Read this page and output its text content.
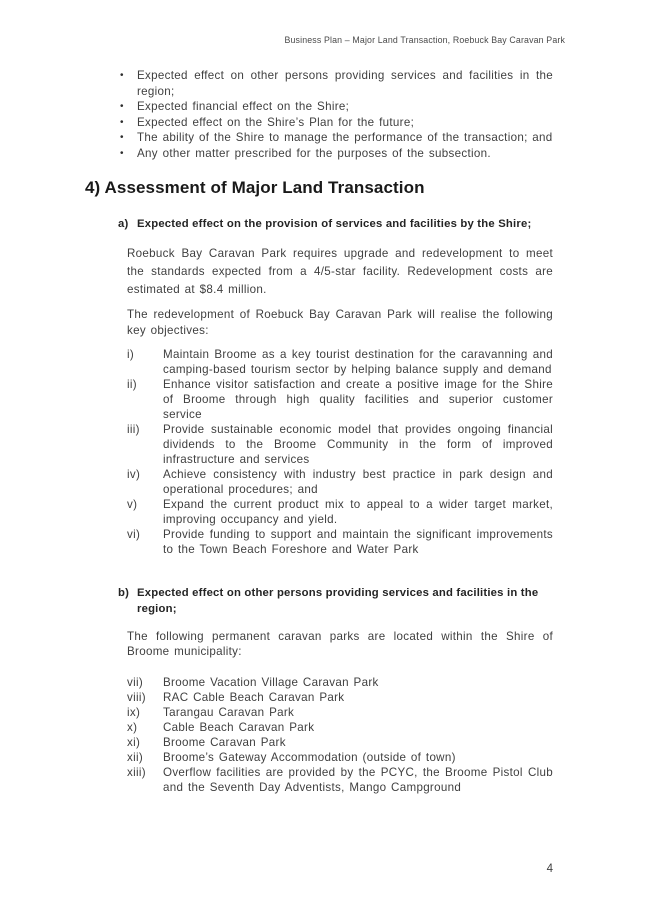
Business Plan – Major Land Transaction, Roebuck Bay Caravan Park
•	Expected effect on other persons providing services and facilities in the region;
•	Expected financial effect on the Shire;
•	Expected effect on the Shire’s Plan for the future;
•	The ability of the Shire to manage the performance of the transaction; and
•	Any other matter prescribed for the purposes of the subsection.
4) Assessment of Major Land Transaction
a) Expected effect on the provision of services and facilities by the Shire;

Roebuck Bay Caravan Park requires upgrade and redevelopment to meet the standards expected from a 4/5-star facility. Redevelopment costs are estimated at $8.4 million.

The redevelopment of Roebuck Bay Caravan Park will realise the following key objectives:

i)	Maintain Broome as a key tourist destination for the caravanning and camping-based tourism sector by helping balance supply and demand
ii)	Enhance visitor satisfaction and create a positive image for the Shire of Broome through high quality facilities and superior customer service
iii)	Provide sustainable economic model that provides ongoing financial dividends to the Broome Community in the form of improved infrastructure and services
iv)	Achieve consistency with industry best practice in park design and operational procedures; and
v)	Expand the current product mix to appeal to a wider target market, improving occupancy and yield.
vi)	Provide funding to support and maintain the significant improvements to the Town Beach Foreshore and Water Park
b) Expected effect on other persons providing services and facilities in the region;

The following permanent caravan parks are located within the Shire of Broome municipality:

vii)	Broome Vacation Village Caravan Park
viii)	RAC Cable Beach Caravan Park
ix)	Tarangau Caravan Park
x)	Cable Beach Caravan Park
xi)	Broome Caravan Park
xii)	Broome’s Gateway Accommodation (outside of town)
xiii)	Overflow facilities are provided by the PCYC, the Broome Pistol Club and the Seventh Day Adventists, Mango Campground
4
